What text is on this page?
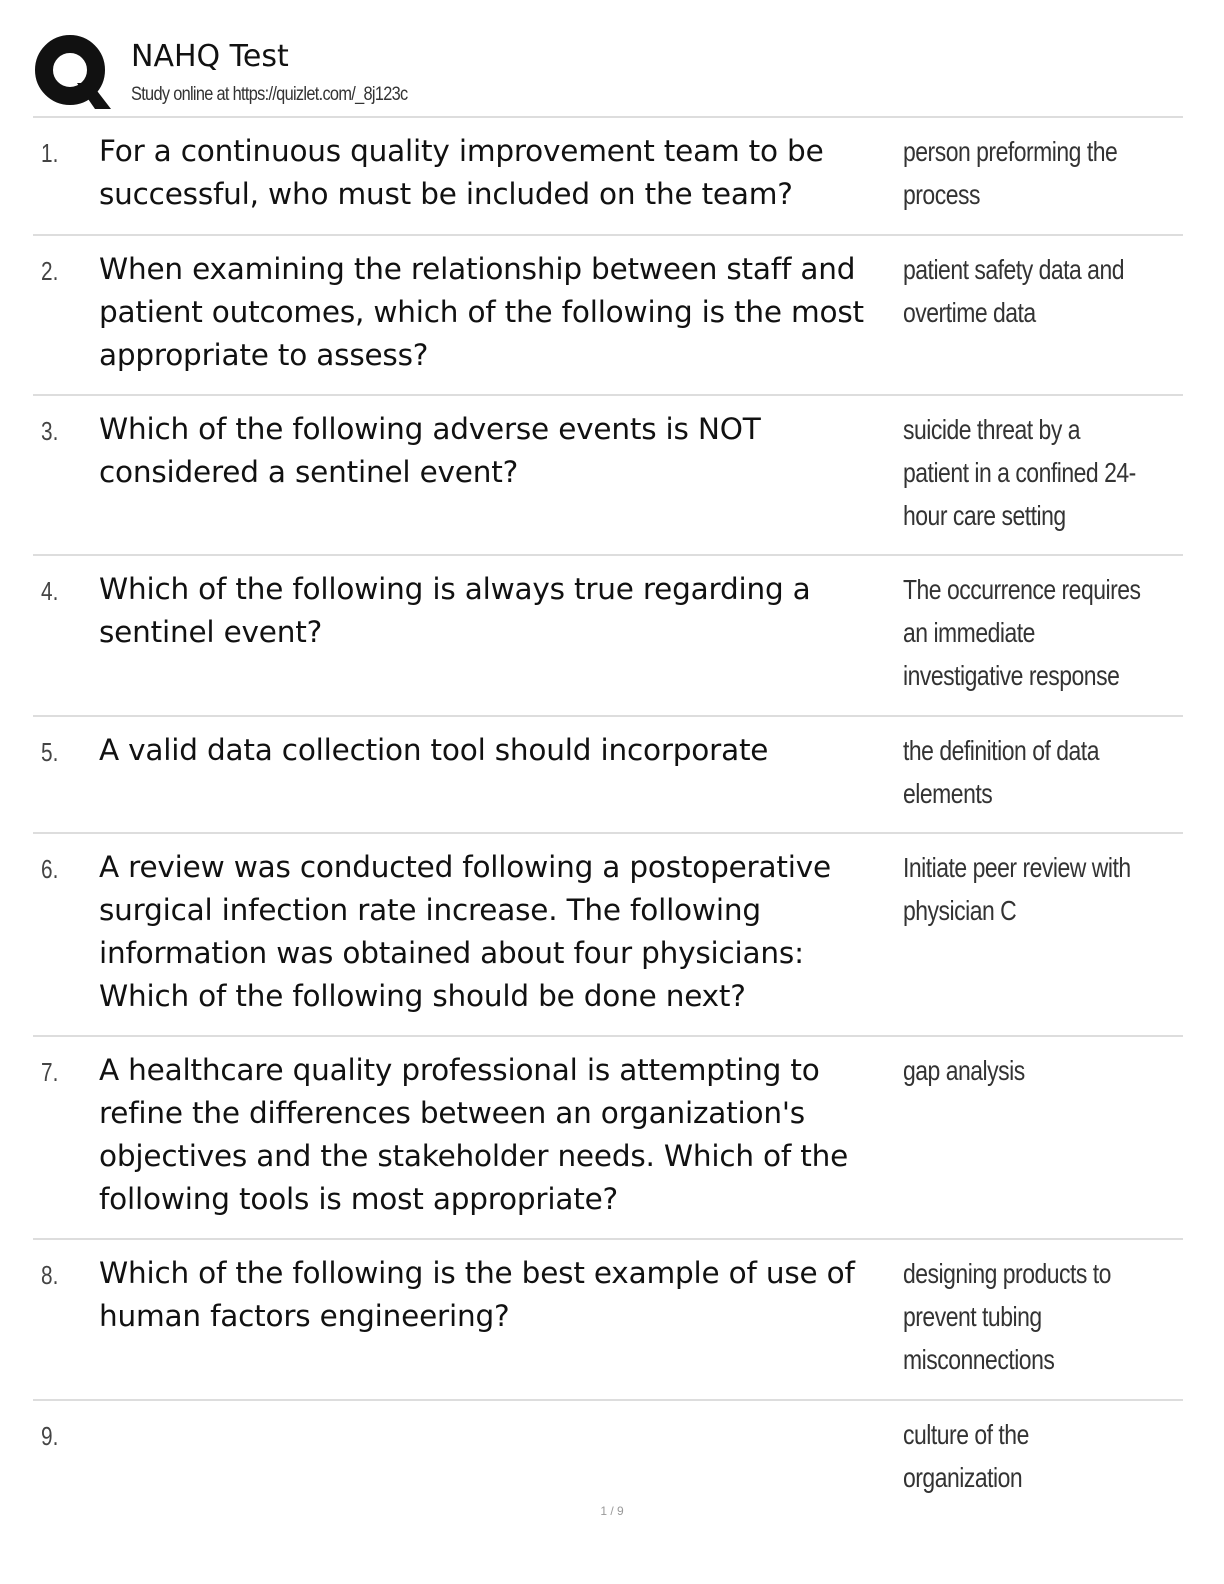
NAHQ Test
Study online at https://quizlet.com/_8j123c
1. For a continuous quality improvement team to be successful, who must be included on the team?
person preforming the process
2. When examining the relationship between staff and patient outcomes, which of the following is the most appropriate to assess?
patient safety data and overtime data
3. Which of the following adverse events is NOT considered a sentinel event?
suicide threat by a patient in a confined 24-hour care setting
4. Which of the following is always true regarding a sentinel event?
The occurrence requires an immediate investigative response
5. A valid data collection tool should incorporate	the definition of data elements
6. A review was conducted following a postoperative surgical infection rate increase. The following information was obtained about four physicians: Which of the following should be done next?
Initiate peer review with physician C
7. A healthcare quality professional is attempting to refine the differences between an organization's objectives and the stakeholder needs. Which of the following tools is most appropriate?
gap analysis
8. Which of the following is the best example of use of human factors engineering?
designing products to prevent tubing misconnections
9.	culture of the organization
1 / 9
